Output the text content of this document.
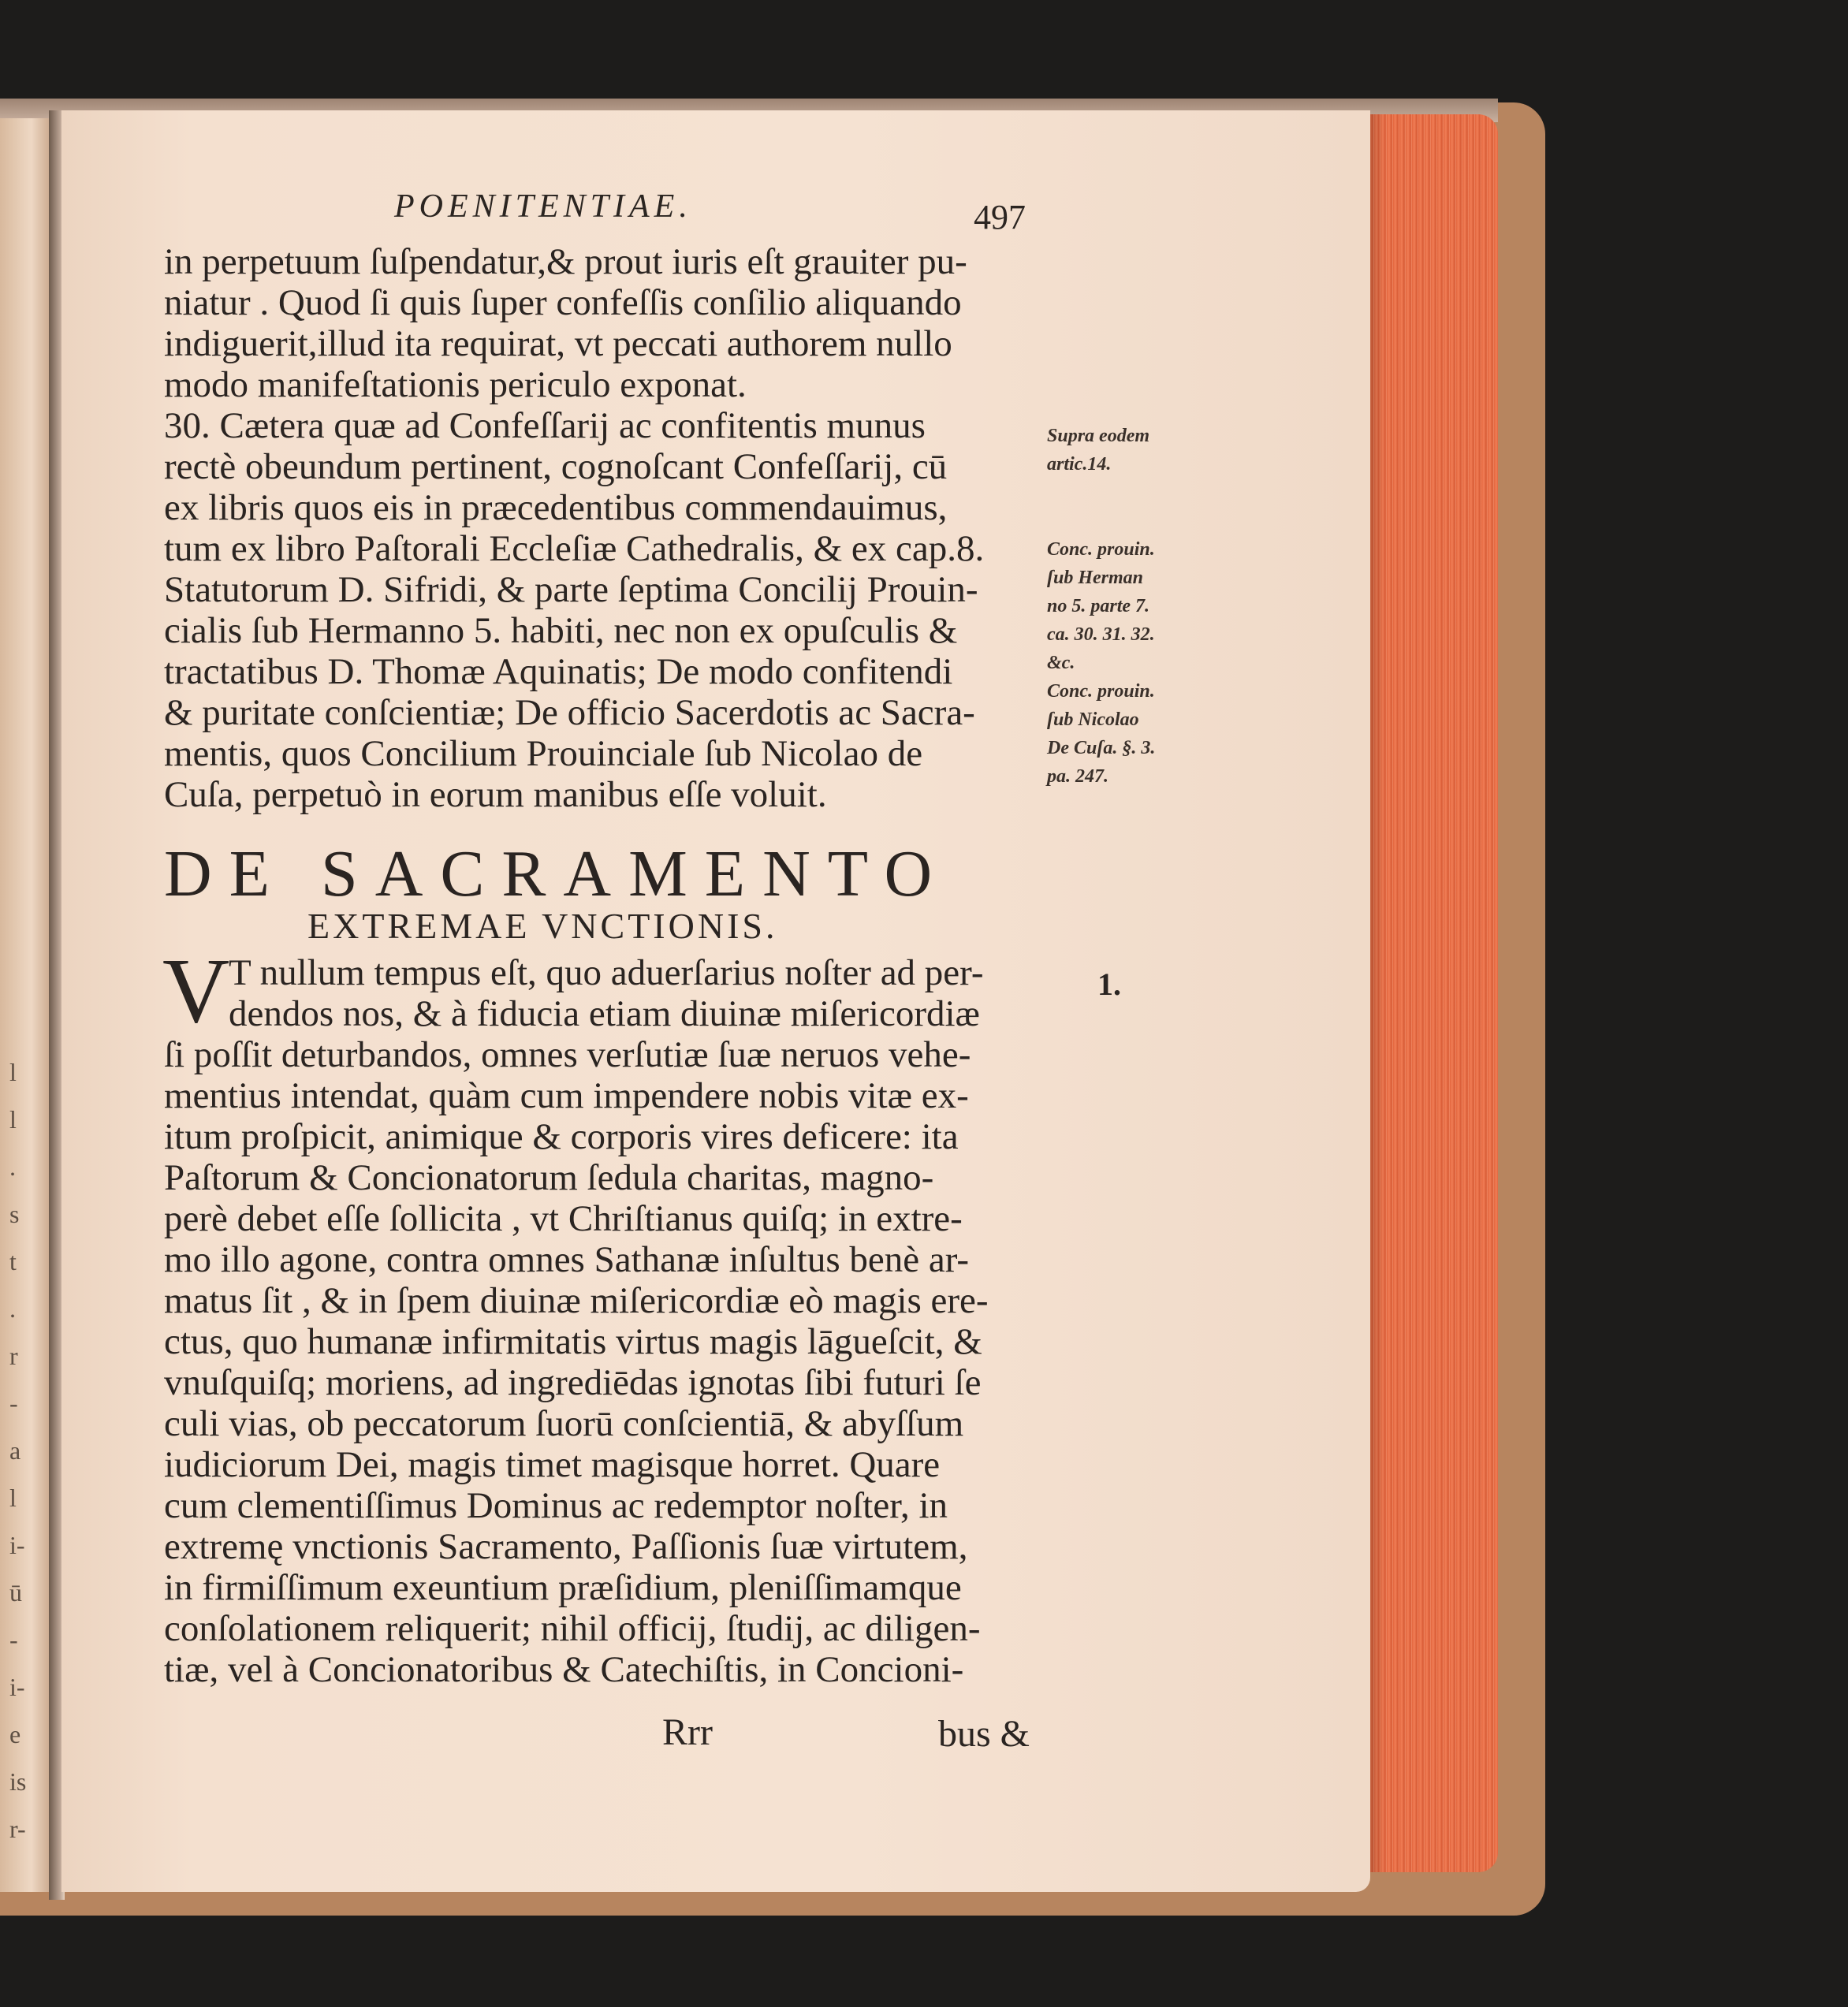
l
l
.
s
t
.
r
-
a
l
i-
ū
-
i-
e
is
r-
POENITENTIAE.	497
in perpetuum ſuſpendatur,& prout iuris eſt grauiter pu-
niatur . Quod ſi quis ſuper confeſſis conſilio aliquando
indiguerit,illud ita requirat, vt peccati authorem nullo
modo manifeſtationis periculo exponat.
30. Cætera quæ ad Confeſſarij ac confitentis munus
rectè obeundum pertinent, cognoſcant Confeſſarij, cū
ex libris quos eis in præcedentibus commendauimus,
tum ex libro Paſtorali Eccleſiæ Cathedralis, & ex cap.8.
Statutorum D. Sifridi, & parte ſeptima Concilij Prouin-
cialis ſub Hermanno 5. habiti, nec non ex opuſculis &
tractatibus D. Thomæ Aquinatis; De modo confitendi
& puritate conſcientiæ; De officio Sacerdotis ac Sacra-
mentis, quos Concilium Prouinciale ſub Nicolao de
Cuſa, perpetuò in eorum manibus eſſe voluit.
DE SACRAMENTO
EXTREMAE VNCTIONIS.
V	1.
T nullum tempus eſt, quo aduerſarius noſter ad per-
dendos nos, & à fiducia etiam diuinæ miſericordiæ
ſi poſſit deturbandos, omnes verſutiæ ſuæ neruos vehe-
mentius intendat, quàm cum impendere nobis vitæ ex-
itum proſpicit, animique & corporis vires deficere: ita
Paſtorum & Concionatorum ſedula charitas, magno-
perè debet eſſe ſollicita , vt Chriſtianus quiſq; in extre-
mo illo agone, contra omnes Sathanæ inſultus benè ar-
matus ſit , & in ſpem diuinæ miſericordiæ eò magis ere-
ctus, quo humanæ infirmitatis virtus magis lāgueſcit, &
vnuſquiſq; moriens, ad ingrediēdas ignotas ſibi futuri ſe
culi vias, ob peccatorum ſuorū conſcientiā, & abyſſum
iudiciorum Dei, magis timet magisque horret. Quare
cum clementiſſimus Dominus ac redemptor noſter, in
extremę vnctionis Sacramento, Paſſionis ſuæ virtutem,
in firmiſſimum exeuntium præſidium, pleniſſimamque
conſolationem reliquerit; nihil officij, ſtudij, ac diligen-
tiæ, vel à Concionatoribus & Catechiſtis, in Concioni-
Supra eodem
artic.14.
Conc. prouin.
ſub Herman
no 5. parte 7.
ca. 30. 31. 32.
&c.
Conc. prouin.
ſub Nicolao
De Cuſa. §. 3.
pa. 247.
Rrr	bus &
